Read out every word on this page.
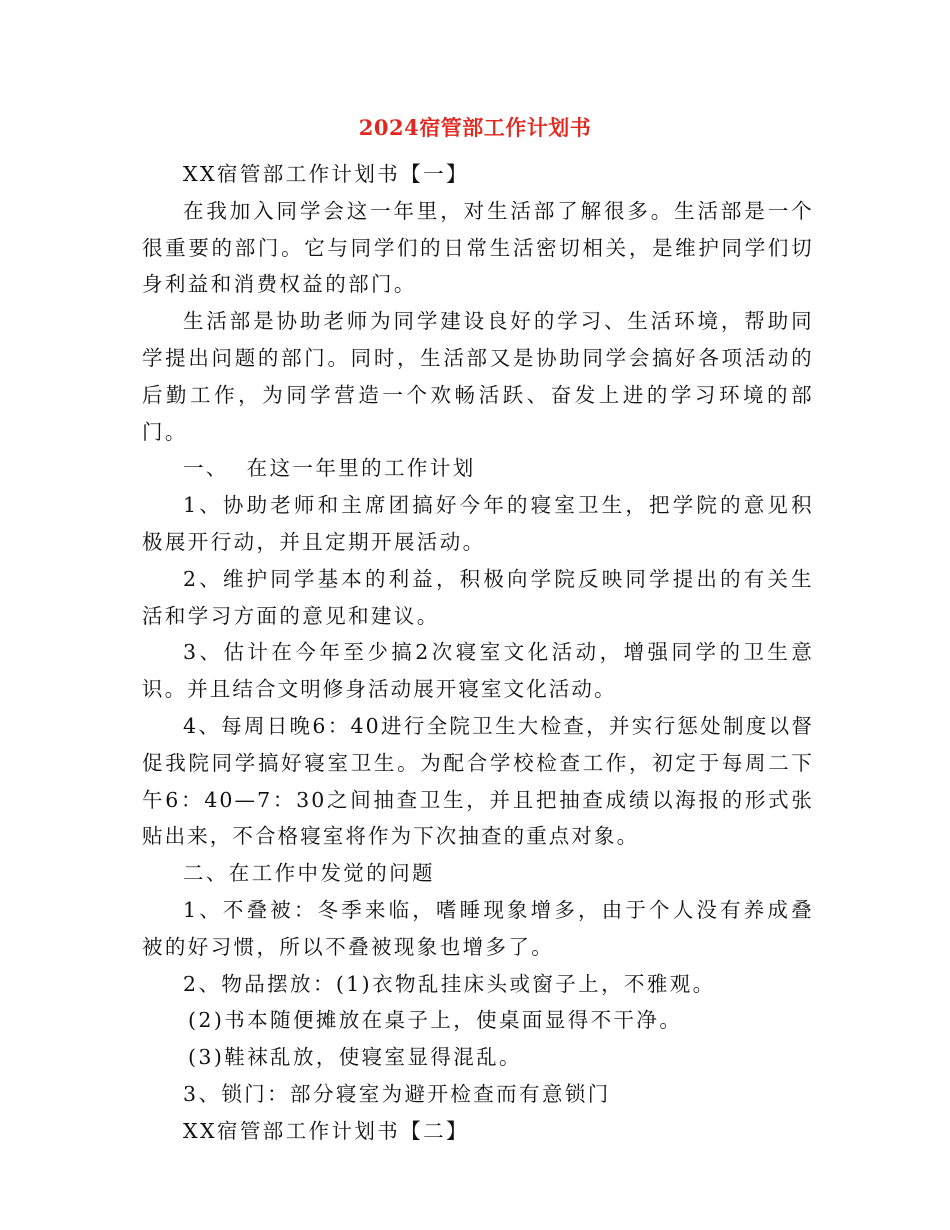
2024宿管部工作计划书

XX宿管部工作计划书【一】

在我加入同学会这一年里，对生活部了解很多。生活部是一个很重要的部门。它与同学们的日常生活密切相关，是维护同学们切身利益和消费权益的部门。

生活部是协助老师为同学建设良好的学习、生活环境，帮助同学提出问题的部门。同时，生活部又是协助同学会搞好各项活动的后勤工作，为同学营造一个欢畅活跃、奋发上进的学习环境的部门。

一、  在这一年里的工作计划

1、协助老师和主席团搞好今年的寝室卫生，把学院的意见积极展开行动，并且定期开展活动。

2、维护同学基本的利益，积极向学院反映同学提出的有关生活和学习方面的意见和建议。

3、估计在今年至少搞2次寝室文化活动，增强同学的卫生意识。并且结合文明修身活动展开寝室文化活动。

4、每周日晚6：40进行全院卫生大检查，并实行惩处制度以督促我院同学搞好寝室卫生。为配合学校检查工作，初定于每周二下午6：40—7：30之间抽查卫生，并且把抽查成绩以海报的形式张贴出来，不合格寝室将作为下次抽查的重点对象。

二、在工作中发觉的问题

1、不叠被：冬季来临，嗜睡现象增多，由于个人没有养成叠被的好习惯，所以不叠被现象也增多了。

2、物品摆放：(1)衣物乱挂床头或窗子上，不雅观。

(2)书本随便摊放在桌子上，使桌面显得不干净。

(3)鞋袜乱放，使寝室显得混乱。

3、锁门：部分寝室为避开检查而有意锁门

XX宿管部工作计划书【二】
